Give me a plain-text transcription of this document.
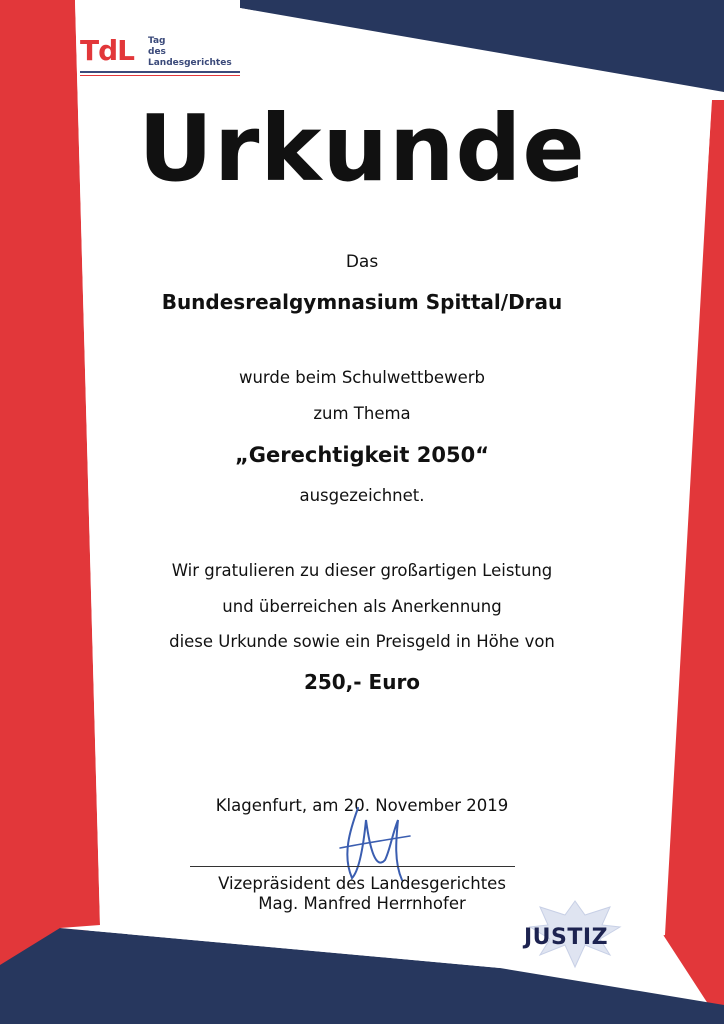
TdL Tag
des
Landesgerichtes
Urkunde
Das
Bundesrealgymnasium Spittal/Drau
wurde beim Schulwettbewerb
zum Thema
„Gerechtigkeit 2050“
ausgezeichnet.
Wir gratulieren zu dieser großartigen Leistung
und überreichen als Anerkennung
diese Urkunde sowie ein Preisgeld in Höhe von
250,- Euro
Klagenfurt, am 20. November 2019
Vizepräsident des Landesgerichtes
Mag. Manfred Herrnhofer
JUSTIZ
